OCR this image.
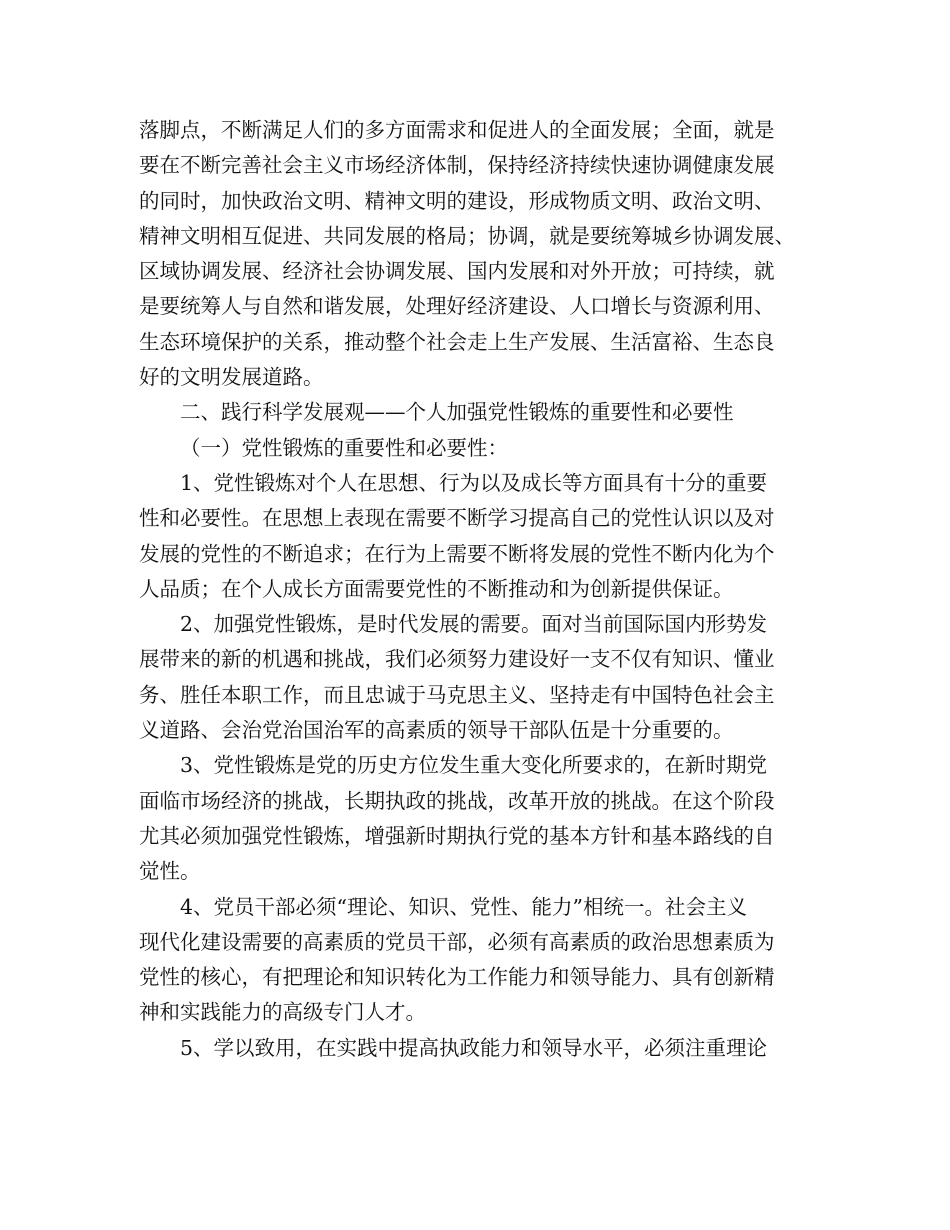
落脚点，不断满足人们的多方面需求和促进人的全面发展；全面，就是
要在不断完善社会主义市场经济体制，保持经济持续快速协调健康发展
的同时，加快政治文明、精神文明的建设，形成物质文明、政治文明、
精神文明相互促进、共同发展的格局；协调，就是要统筹城乡协调发展、
区域协调发展、经济社会协调发展、国内发展和对外开放；可持续，就
是要统筹人与自然和谐发展，处理好经济建设、人口增长与资源利用、
生态环境保护的关系，推动整个社会走上生产发展、生活富裕、生态良
好的文明发展道路。
二、践行科学发展观——个人加强党性锻炼的重要性和必要性
（一）党性锻炼的重要性和必要性：
1、党性锻炼对个人在思想、行为以及成长等方面具有十分的重要
性和必要性。在思想上表现在需要不断学习提高自己的党性认识以及对
发展的党性的不断追求；在行为上需要不断将发展的党性不断内化为个
人品质；在个人成长方面需要党性的不断推动和为创新提供保证。
2、加强党性锻炼，是时代发展的需要。面对当前国际国内形势发
展带来的新的机遇和挑战，我们必须努力建设好一支不仅有知识、懂业
务、胜任本职工作，而且忠诚于马克思主义、坚持走有中国特色社会主
义道路、会治党治国治军的高素质的领导干部队伍是十分重要的。
3、党性锻炼是党的历史方位发生重大变化所要求的，在新时期党
面临市场经济的挑战，长期执政的挑战，改革开放的挑战。在这个阶段
尤其必须加强党性锻炼，增强新时期执行党的基本方针和基本路线的自
觉性。
4、党员干部必须“理论、知识、党性、能力”相统一。社会主义
现代化建设需要的高素质的党员干部，必须有高素质的政治思想素质为
党性的核心，有把理论和知识转化为工作能力和领导能力、具有创新精
神和实践能力的高级专门人才。
5、学以致用，在实践中提高执政能力和领导水平，必须注重理论
